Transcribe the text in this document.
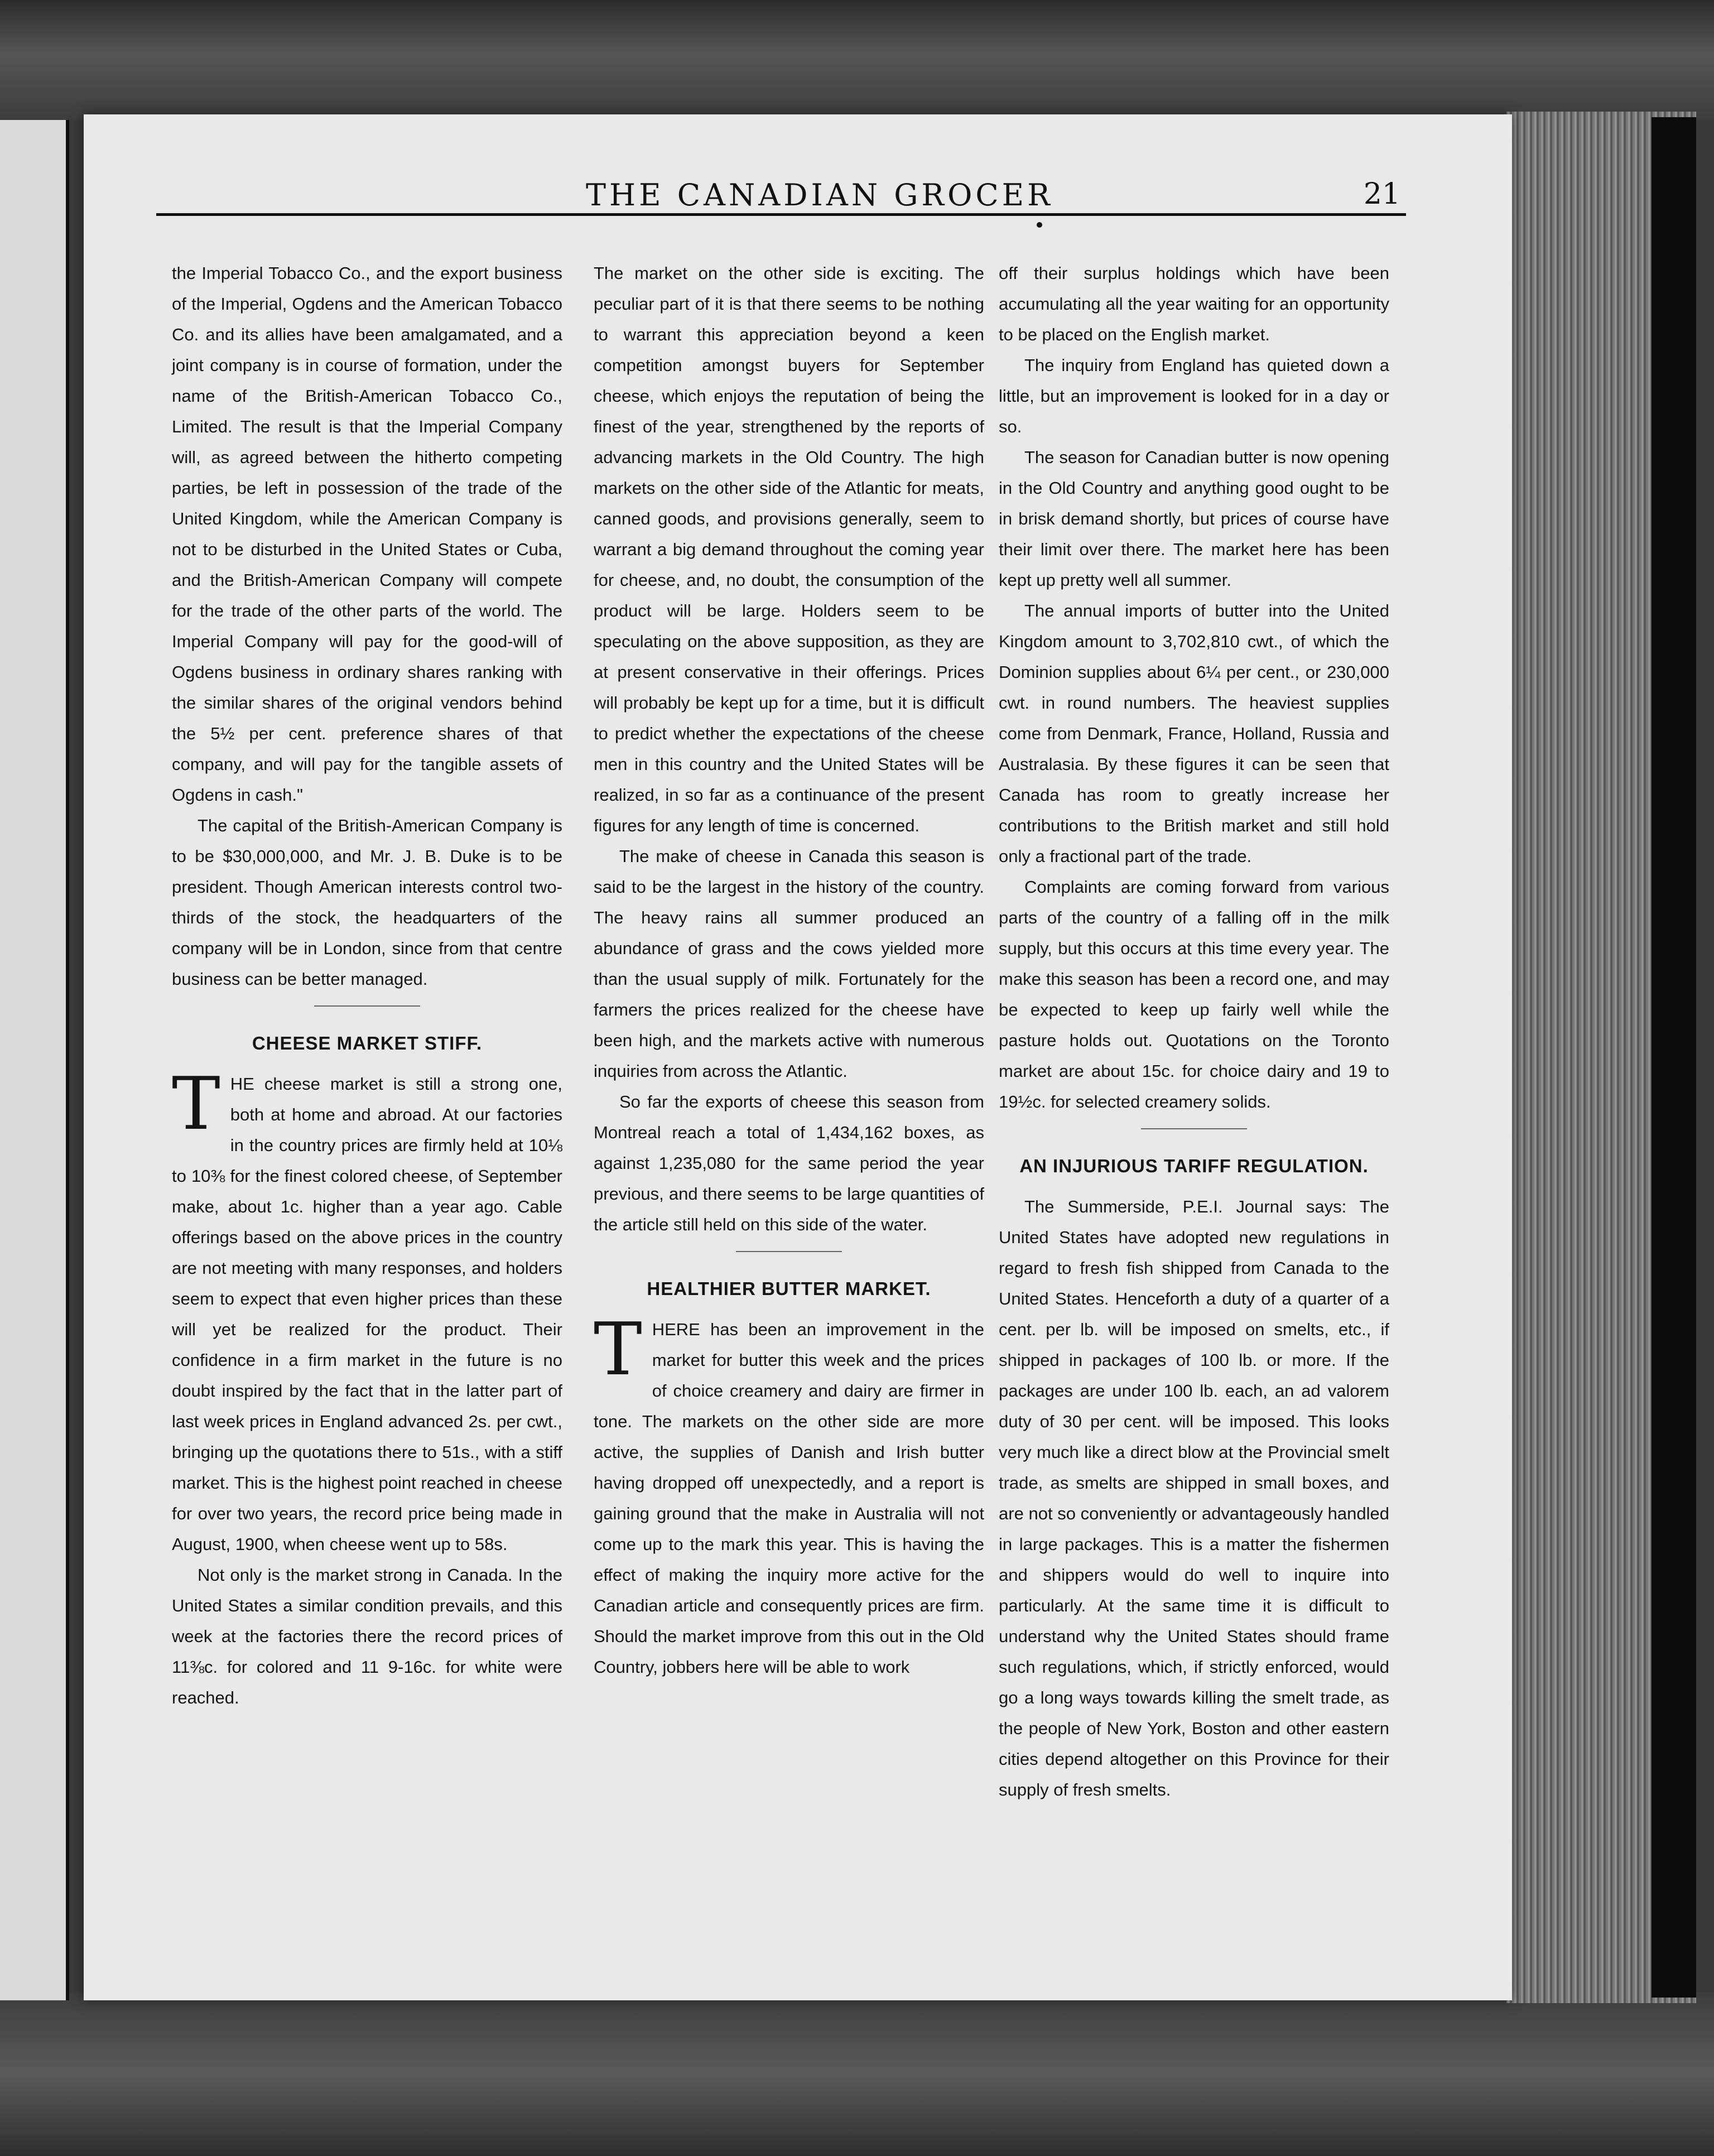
THE CANADIAN GROCER	21

the Imperial Tobacco Co., and the export business of the Imperial, Ogdens and the American Tobacco Co. and its allies have been amalgamated, and a joint company is in course of formation, under the name of the British-American Tobacco Co., Limited. The result is that the Imperial Company will, as agreed between the hitherto competing parties, be left in possession of the trade of the United Kingdom, while the American Company is not to be disturbed in the United States or Cuba, and the British-American Company will compete for the trade of the other parts of the world. The Imperial Company will pay for the good-will of Ogdens business in ordinary shares ranking with the similar shares of the original vendors behind the 5½ per cent. preference shares of that company, and will pay for the tangible assets of Ogdens in cash."

The capital of the British-American Company is to be $30,000,000, and Mr. J. B. Duke is to be president. Though American interests control two-thirds of the stock, the headquarters of the company will be in London, since from that centre business can be better managed.

CHEESE MARKET STIFF.

THE cheese market is still a strong one, both at home and abroad. At our factories in the country prices are firmly held at 10⅛ to 10⅜ for the finest colored cheese, of September make, about 1c. higher than a year ago. Cable offerings based on the above prices in the country are not meeting with many responses, and holders seem to expect that even higher prices than these will yet be realized for the product. Their confidence in a firm market in the future is no doubt inspired by the fact that in the latter part of last week prices in England advanced 2s. per cwt., bringing up the quotations there to 51s., with a stiff market. This is the highest point reached in cheese for over two years, the record price being made in August, 1900, when cheese went up to 58s.

Not only is the market strong in Canada. In the United States a similar condition prevails, and this week at the factories there the record prices of 11⅜c. for colored and 11 9-16c. for white were reached.

The market on the other side is exciting. The peculiar part of it is that there seems to be nothing to warrant this appreciation beyond a keen competition amongst buyers for September cheese, which enjoys the reputation of being the finest of the year, strengthened by the reports of advancing markets in the Old Country. The high markets on the other side of the Atlantic for meats, canned goods, and provisions generally, seem to warrant a big demand throughout the coming year for cheese, and, no doubt, the consumption of the product will be large. Holders seem to be speculating on the above supposition, as they are at present conservative in their offerings. Prices will probably be kept up for a time, but it is difficult to predict whether the expectations of the cheese men in this country and the United States will be realized, in so far as a continuance of the present figures for any length of time is concerned.

The make of cheese in Canada this season is said to be the largest in the history of the country. The heavy rains all summer produced an abundance of grass and the cows yielded more than the usual supply of milk. Fortunately for the farmers the prices realized for the cheese have been high, and the markets active with numerous inquiries from across the Atlantic.

So far the exports of cheese this season from Montreal reach a total of 1,434,162 boxes, as against 1,235,080 for the same period the year previous, and there seems to be large quantities of the article still held on this side of the water.

HEALTHIER BUTTER MARKET.

THERE has been an improvement in the market for butter this week and the prices of choice creamery and dairy are firmer in tone. The markets on the other side are more active, the supplies of Danish and Irish butter having dropped off unexpectedly, and a report is gaining ground that the make in Australia will not come up to the mark this year. This is having the effect of making the inquiry more active for the Canadian article and consequently prices are firm. Should the market improve from this out in the Old Country, jobbers here will be able to work

off their surplus holdings which have been accumulating all the year waiting for an opportunity to be placed on the English market.

The inquiry from England has quieted down a little, but an improvement is looked for in a day or so.

The season for Canadian butter is now opening in the Old Country and anything good ought to be in brisk demand shortly, but prices of course have their limit over there. The market here has been kept up pretty well all summer.

The annual imports of butter into the United Kingdom amount to 3,702,810 cwt., of which the Dominion supplies about 6¼ per cent., or 230,000 cwt. in round numbers. The heaviest supplies come from Denmark, France, Holland, Russia and Australasia. By these figures it can be seen that Canada has room to greatly increase her contributions to the British market and still hold only a fractional part of the trade.

Complaints are coming forward from various parts of the country of a falling off in the milk supply, but this occurs at this time every year. The make this season has been a record one, and may be expected to keep up fairly well while the pasture holds out. Quotations on the Toronto market are about 15c. for choice dairy and 19 to 19½c. for selected creamery solids.

AN INJURIOUS TARIFF REGULATION.

The Summerside, P.E.I. Journal says: The United States have adopted new regulations in regard to fresh fish shipped from Canada to the United States. Henceforth a duty of a quarter of a cent. per lb. will be imposed on smelts, etc., if shipped in packages of 100 lb. or more. If the packages are under 100 lb. each, an ad valorem duty of 30 per cent. will be imposed. This looks very much like a direct blow at the Provincial smelt trade, as smelts are shipped in small boxes, and are not so conveniently or advantageously handled in large packages. This is a matter the fishermen and shippers would do well to inquire into particularly. At the same time it is difficult to understand why the United States should frame such regulations, which, if strictly enforced, would go a long ways towards killing the smelt trade, as the people of New York, Boston and other eastern cities depend altogether on this Province for their supply of fresh smelts.
